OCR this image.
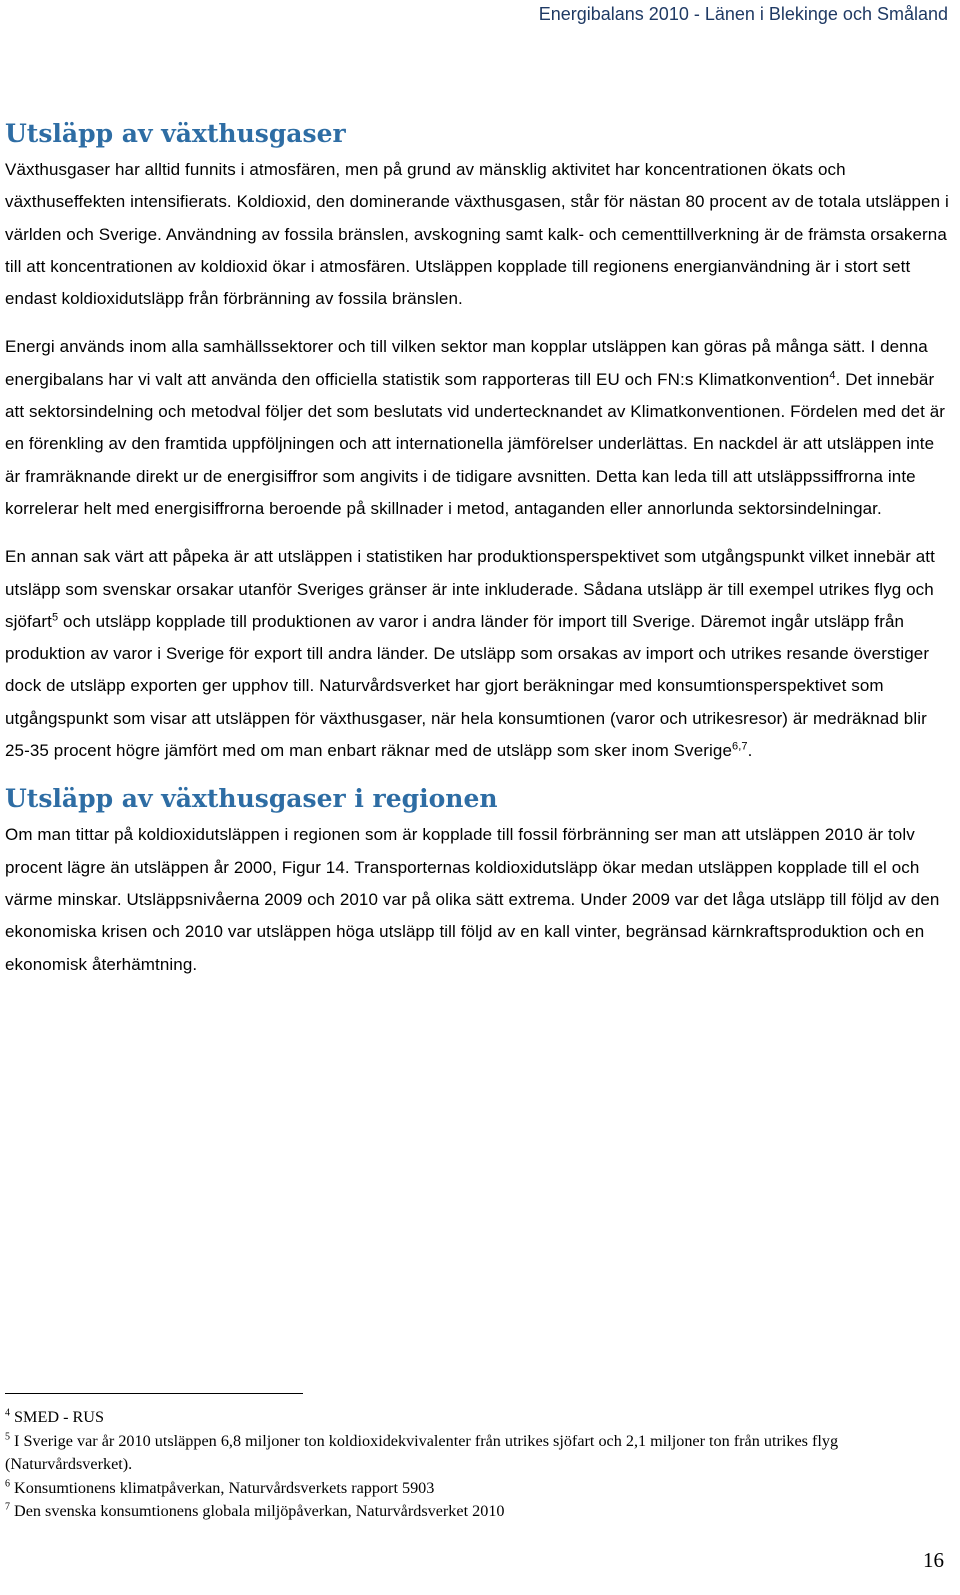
Energibalans 2010 - Länen i Blekinge och Småland
Utsläpp av växthusgaser

Växthusgaser har alltid funnits i atmosfären, men på grund av mänsklig aktivitet har koncentrationen ökats och växthuseffekten intensifierats. Koldioxid, den dominerande växthusgasen, står för nästan 80 procent av de totala utsläppen i världen och Sverige. Användning av fossila bränslen, avskogning samt kalk- och cementtillverkning är de främsta orsakerna till att koncentrationen av koldioxid ökar i atmosfären. Utsläppen kopplade till regionens energianvändning är i stort sett endast koldioxidutsläpp från förbränning av fossila bränslen.

Energi används inom alla samhällssektorer och till vilken sektor man kopplar utsläppen kan göras på många sätt. I denna energibalans har vi valt att använda den officiella statistik som rapporteras till EU och FN:s Klimatkonvention$^4$. Det innebär att sektorsindelning och metodval följer det som beslutats vid undertecknandet av Klimatkonventionen. Fördelen med det är en förenkling av den framtida uppföljningen och att internationella jämförelser underlättas. En nackdel är att utsläppen inte är framräknande direkt ur de energisiffror som angivits i de tidigare avsnitten. Detta kan leda till att utsläppssiffrorna inte korrelerar helt med energisiffrorna beroende på skillnader i metod, antaganden eller annorlunda sektorsindelningar.

En annan sak värt att påpeka är att utsläppen i statistiken har produktionsperspektivet som utgångspunkt vilket innebär att utsläpp som svenskar orsakar utanför Sveriges gränser är inte inkluderade. Sådana utsläpp är till exempel utrikes flyg och sjöfart$^5$ och utsläpp kopplade till produktionen av varor i andra länder för import till Sverige. Däremot ingår utsläpp från produktion av varor i Sverige för export till andra länder. De utsläpp som orsakas av import och utrikes resande överstiger dock de utsläpp exporten ger upphov till. Naturvårdsverket har gjort beräkningar med konsumtionsperspektivet som utgångspunkt som visar att utsläppen för växthusgaser, när hela konsumtionen (varor och utrikesresor) är medräknad blir 25-35 procent högre jämfört med om man enbart räknar med de utsläpp som sker inom Sverige$^{6,7}$.

Utsläpp av växthusgaser i regionen

Om man tittar på koldioxidutsläppen i regionen som är kopplade till fossil förbränning ser man att utsläppen 2010 är tolv procent lägre än utsläppen år 2000, Figur 14. Transporternas koldioxidutsläpp ökar medan utsläppen kopplade till el och värme minskar. Utsläppsnivåerna 2009 och 2010 var på olika sätt extrema. Under 2009 var det låga utsläpp till följd av den ekonomiska krisen och 2010 var utsläppen höga utsläpp till följd av en kall vinter, begränsad kärnkraftsproduktion och en ekonomisk återhämtning.

$^4$ SMED - RUS
$^5$ I Sverige var år 2010 utsläppen 6,8 miljoner ton koldioxidekvivalenter från utrikes sjöfart och 2,1 miljoner ton från utrikes flyg (Naturvårdsverket).
$^6$ Konsumtionens klimatpåverkan, Naturvårdsverkets rapport 5903
$^7$ Den svenska konsumtionens globala miljöpåverkan, Naturvårdsverket 2010
16
